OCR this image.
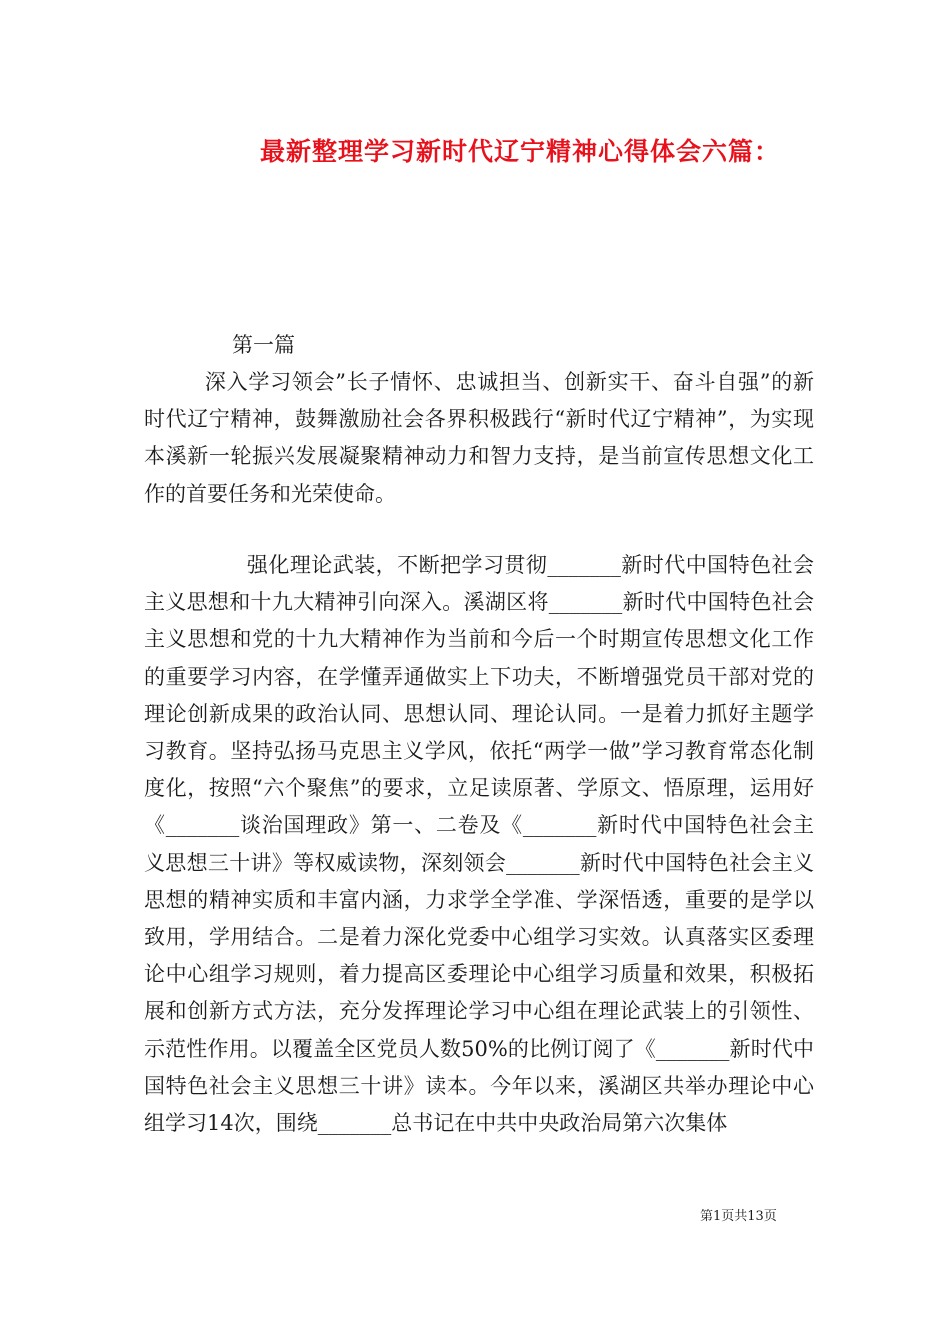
最新整理学习新时代辽宁精神心得体会六篇：

第一篇

深入学习领会”长子情怀、忠诚担当、创新实干、奋斗自强”的新时代辽宁精神，鼓舞激励社会各界积极践行“新时代辽宁精神”，为实现本溪新一轮振兴发展凝聚精神动力和智力支持，是当前宣传思想文化工作的首要任务和光荣使命。

强化理论武装，不断把学习贯彻_______新时代中国特色社会主义思想和十九大精神引向深入。溪湖区将_______新时代中国特色社会主义思想和党的十九大精神作为当前和今后一个时期宣传思想文化工作的重要学习内容，在学懂弄通做实上下功夫，不断增强党员干部对党的理论创新成果的政治认同、思想认同、理论认同。一是着力抓好主题学习教育。坚持弘扬马克思主义学风，依托“两学一做”学习教育常态化制度化，按照“六个聚焦”的要求，立足读原著、学原文、悟原理，运用好《_______谈治国理政》第一、二卷及《_______新时代中国特色社会主义思想三十讲》等权威读物，深刻领会_______新时代中国特色社会主义思想的精神实质和丰富内涵，力求学全学准、学深悟透，重要的是学以致用，学用结合。二是着力深化党委中心组学习实效。认真落实区委理论中心组学习规则，着力提高区委理论中心组学习质量和效果，积极拓展和创新方式方法，充分发挥理论学习中心组在理论武装上的引领性、示范性作用。以覆盖全区党员人数50%的比例订阅了《_______新时代中国特色社会主义思想三十讲》读本。今年以来，溪湖区共举办理论中心组学习14次，围绕_______总书记在中共中央政治局第六次集体

第1页共13页
